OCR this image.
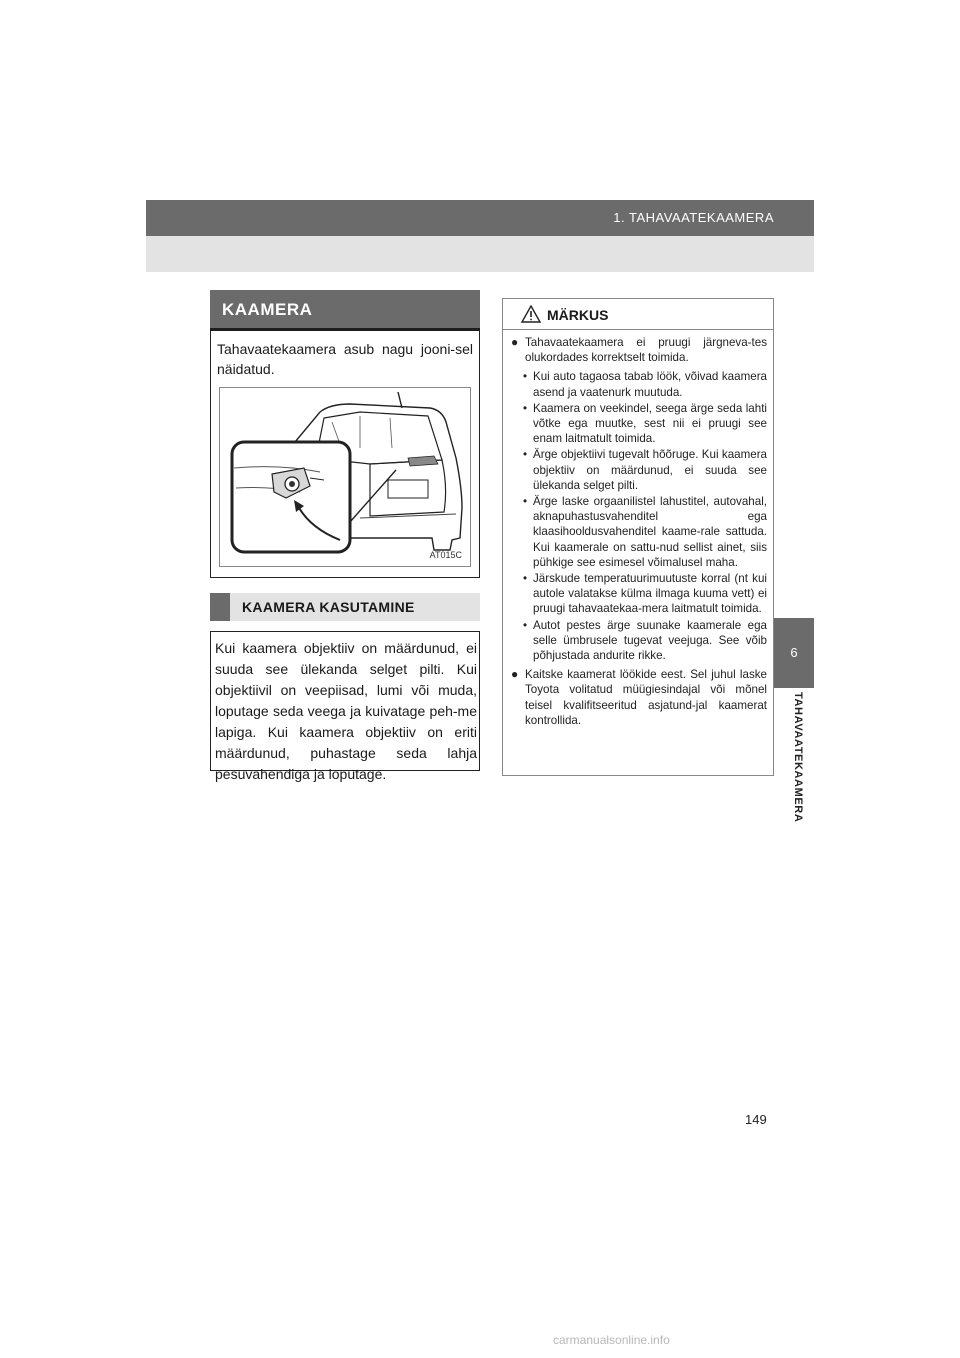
1. TAHAVAATEKAAMERA
6
TAHAVAATEKAAMERA
KAAMERA
Tahavaatekaamera asub nagu jooni-sel näidatud.
AT015C
KAAMERA KASUTAMINE
Kui kaamera objektiiv on määrdunud, ei suuda see ülekanda selget pilti. Kui objektiivil on veepiisad, lumi või muda, loputage seda veega ja kuivatage peh-me lapiga. Kui kaamera objektiiv on eriti määrdunud, puhastage seda lahja pesuvahendiga ja loputage.
MÄRKUS
● Tahavaatekaamera ei pruugi järgneva-tes olukordades korrektselt toimida.
• Kui auto tagaosa tabab löök, võivad kaamera asend ja vaatenurk muutuda.
• Kaamera on veekindel, seega ärge seda lahti võtke ega muutke, sest nii ei pruugi see enam laitmatult toimida.
• Ärge objektiivi tugevalt hõõruge. Kui kaamera objektiiv on määrdunud, ei suuda see ülekanda selget pilti.
• Ärge laske orgaanilistel lahustitel, autovahal, aknapuhastusvahenditel ega klaasihooldusvahenditel kaame-rale sattuda. Kui kaamerale on sattu-nud sellist ainet, siis pühkige see esimesel võimalusel maha.
• Järskude temperatuurimuutuste korral (nt kui autole valatakse külma ilmaga kuuma vett) ei pruugi tahavaatekaa-mera laitmatult toimida.
• Autot pestes ärge suunake kaamerale ega selle ümbrusele tugevat veejuga. See võib põhjustada andurite rikke.
● Kaitske kaamerat löökide eest. Sel juhul laske Toyota volitatud müügiesindajal või mõnel teisel kvalifitseeritud asjatund-jal kaamerat kontrollida.
149
carmanualsonline.info
